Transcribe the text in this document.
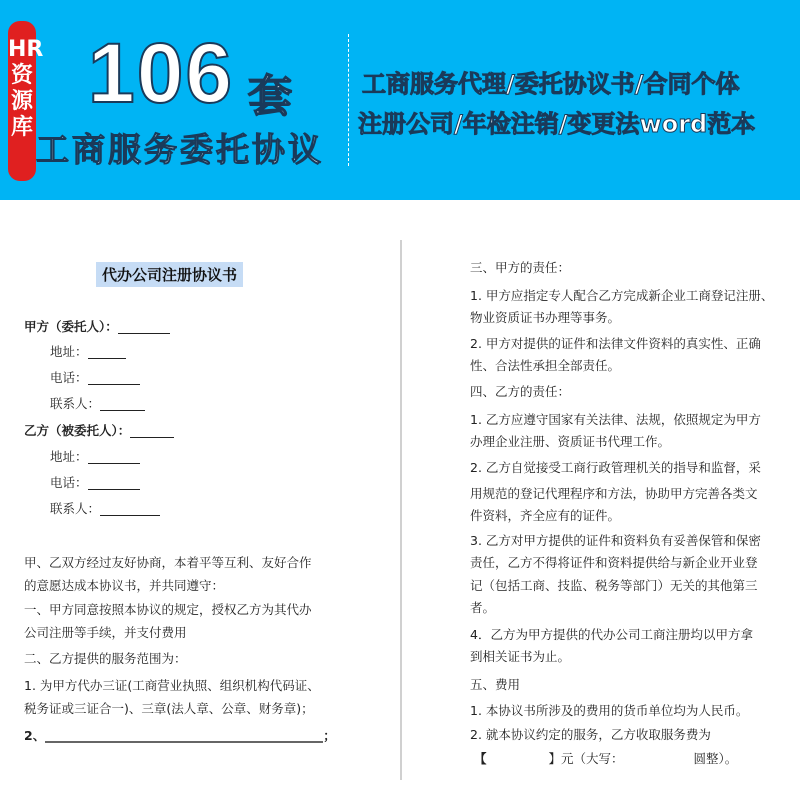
HR资源库
106 套
工商服务委托协议
工商服务代理/委托协议书/合同个体
注册公司/年检注销/变更法word范本
代办公司注册协议书
甲方（委托人）：
地址：
电话：
联系人：
乙方（被委托人）：
地址：
电话：
联系人：
甲、乙双方经过友好协商，本着平等互利、友好合作
的意愿达成本协议书，并共同遵守：
一、甲方同意按照本协议的规定，授权乙方为其代办
公司注册等手续，并支付费用
二、乙方提供的服务范围为：
1. 为甲方代办三证(工商营业执照、组织机构代码证、
税务证或三证合一)、三章(法人章、公章、财务章)；
2、	；
三、甲方的责任：
1. 甲方应指定专人配合乙方完成新企业工商登记注册、
物业资质证书办理等事务。
2. 甲方对提供的证件和法律文件资料的真实性、正确
性、合法性承担全部责任。
四、乙方的责任：
1. 乙方应遵守国家有关法律、法规，依照规定为甲方
办理企业注册、资质证书代理工作。
2. 乙方自觉接受工商行政管理机关的指导和监督，采
用规范的登记代理程序和方法，协助甲方完善各类文
件资料，齐全应有的证件。
3. 乙方对甲方提供的证件和资料负有妥善保管和保密
责任，乙方不得将证件和资料提供给与新企业开业登
记（包括工商、技监、税务等部门）无关的其他第三
者。
4．乙方为甲方提供的代办公司工商注册均以甲方拿
到相关证书为止。
五、费用
1. 本协议书所涉及的费用的货币单位均为人民币。
2. 就本协议约定的服务，乙方收取服务费为
【	】元（大写：	圆整）。
